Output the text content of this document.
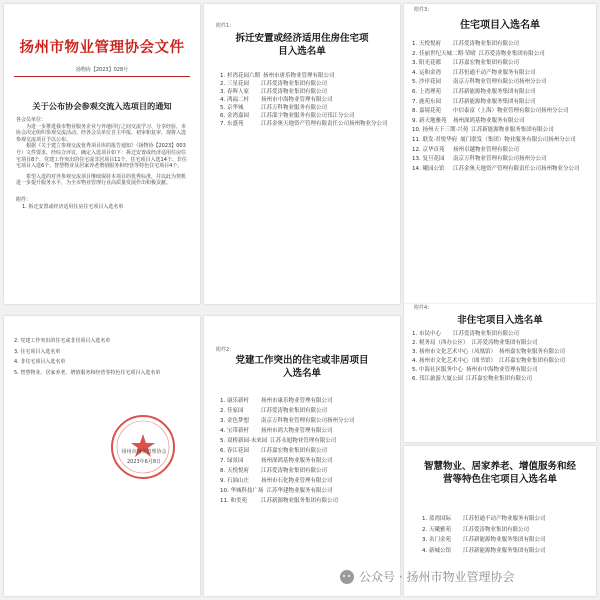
扬州市物业管理协会文件
扬物协【2023】028号
关于公布协会参观交流入选项目的通知
各会员单位：
为进一步推进我市物业服务企业与外地同行之间交流学习、分享经验，市协会决定组织参观交流活动。经各会员单位自主申报、初审和复审，现将入选参观交流项目予以公布。
根据《关于建立参观交流优秀项目库的报告通知》（扬物协【2023】003号）文件要求，经综合评议，确定入选项目如下：拆迁安置或经济适用住房住宅项目8个、党建工作突出的住宅或非居项目11个、住宅项目入选14个、非住宅项目入选6个、智慧物业及居家养老增值服务和经营等特色住宅项目4个。
希望入选的对外参观交流项目继续保持本项目的优秀标准，并以此为契机进一步提升服务水平，为全市物业管理行业高质量发展作出积极贡献。
附件：
1. 拆迁安置或经济适用住房住宅项目入选名单
2. 党建工作突出的住宅或非居项目入选名单
3. 住宅项目入选名单
4. 非住宅项目入选名单
5. 智慧物业、居家养老、增值服务和经营等特色住宅项目入选名单
扬州市物业管理协会
2023年6月8日
附件1：
拆迁安置或经济适用住房住宅项目入选名单
1. 杉湾花园六期 扬州市唐乐物业管理有限公司
2. 三星花园	江苏爱涛物业集团有限公司
3. 春晖人家	江苏爱涛物业集团有限公司
4. 鸿福二村	扬州市中海物业管理有限公司
5. 京华城	江苏万科物业服务有限公司
6. 金湾嘉园	江苏邵宇物业服务有限公司邗江分公司
7. 东盛苑	江苏金奥天地资产管理有限责任公司扬州物业分公司
附件2：
党建工作突出的住宅或非居项目入选名单
1. 康乐新村	扬州市康乐物业管理有限公司
2. 佳家园	江苏爱涛物业集团有限公司
3. 金色梦想	南京万科物业管理有限公司扬州分公司
4. 宝带新村	扬州市鸿大物业管理有限公司
5. 双桥新园·未来园 江苏永旭物业管理有限公司
6. 春江花园	江苏嘉宏物业集团有限公司
7. 绿景园	扬州深鸿基物业服务有限公司
8. 天悦悦府	江苏爱涛物业集团有限公司
9. 石油山庄	扬州市石化物业管理有限公司
10. 华城科技广场 江苏华建物业服务有限公司
11. 和美苑	江苏新源物业服务集团有限公司
附件3：
住宅项目入选名单
1. 天悦悦府	江苏爱涛物业集团有限公司
2. 佳丽世纪天城二期·荣晴 江苏爱涛物业集团有限公司
3. 阳光花都	江苏嘉宏物业集团有限公司
4. 运和金湾	江苏恒通不动产物业服务有限公司
5. 沙岸花园	南京万科物业管理有限公司扬州分公司
6. 上湾理苑	江苏新能源物业服务集团有限公司
7. 鹿苑东园	江苏新能源物业服务集团有限公司
8. 嘉境花苑	中信泰富（上海）物业管理有限公司扬州分公司
9. 新天地雅苑	扬州深鸿基物业服务有限公司
10. 扬州天下三期·兴苑 江苏新能源物业服务集团有限公司
11. 联发·君悦华府 厦门联发（集团）物业服务有限公司扬州分公司
12. 京华首苑	扬州卓越物业管理有限公司
13. 复旦花园	南京万科物业管理有限公司扬州分公司
14. 曦园公馆	江苏金奥天地资产管理有限责任公司扬州物业分公司
附件4：
非住宅项目入选名单
1. 市民中心	江苏爱涛物业集团有限公司
2. 税务局（西办公区） 江苏爱涛物业集团有限公司
3. 扬州市文化艺术中心（凤凰馆） 扬州嘉宏物业服务有限公司
4. 扬州市文化艺术中心（图书馆） 江苏嘉宏物业集团有限公司
5. 中海社区服务中心 扬州市中海物业管理有限公司
6. 邗江旅游大厦公园 江苏嘉宏物业集团有限公司
智慧物业、居家养老、增值服务和经营等特色住宅项目入选名单
1. 蓝湾国际	江苏恒通不动产物业服务有限公司
2. 天曦雅苑	江苏爱涛物业集团有限公司
3. 名门金苑	江苏新能源物业服务集团有限公司
4. 新城公馆	江苏新能源物业服务集团有限公司
公众号 · 扬州市物业管理协会
